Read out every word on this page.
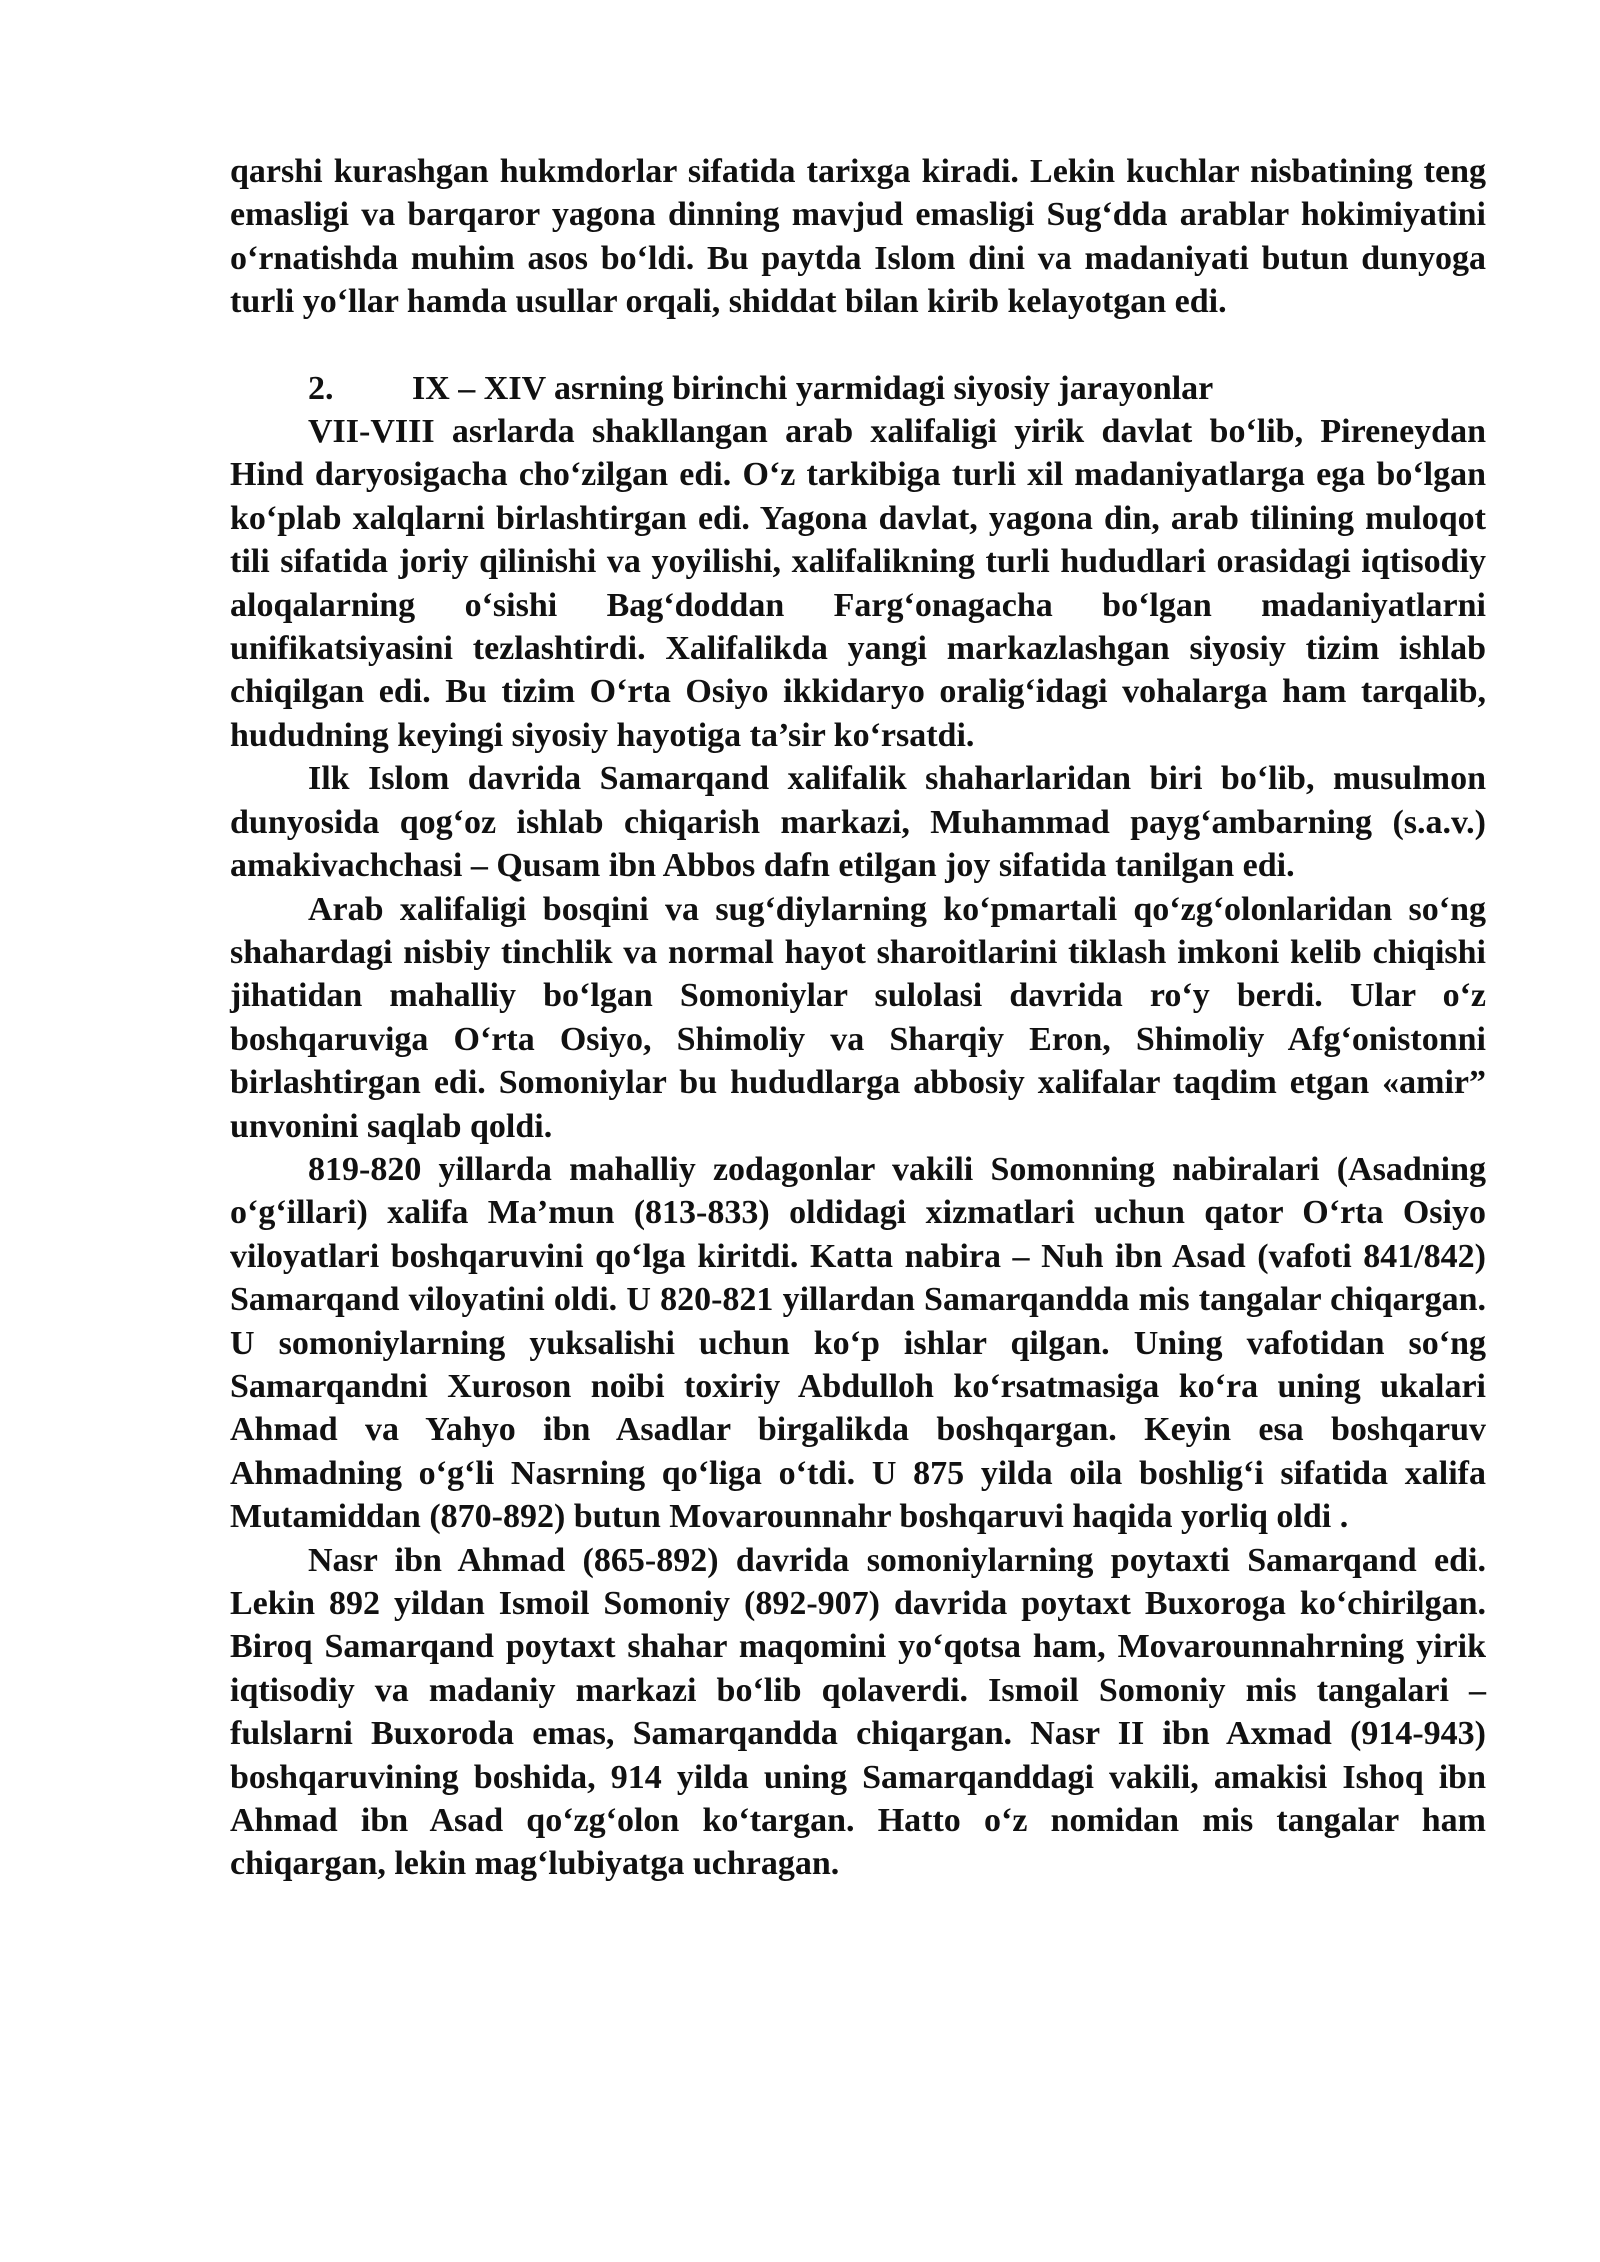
qarshi kurashgan hukmdorlar sifatida tarixga kiradi. Lekin kuchlar nisbatining teng emasligi va barqaror yagona dinning mavjud emasligi Sug‘dda arablar hokimiyatini o‘rnatishda muhim asos bo‘ldi. Bu paytda Islom dini va madaniyati butun dunyoga turli yo‘llar hamda usullar orqali, shiddat bilan kirib kelayotgan edi.

2. IX – XIV asrning birinchi yarmidagi siyosiy jarayonlar

VII-VIII asrlarda shakllangan arab xalifaligi yirik davlat bo‘lib, Pireneydan Hind daryosigacha cho‘zilgan edi. O‘z tarkibiga turli xil madaniyatlarga ega bo‘lgan ko‘plab xalqlarni birlashtirgan edi. Yagona davlat, yagona din, arab tilining muloqot tili sifatida joriy qilinishi va yoyilishi, xalifalikning turli hududlari orasidagi iqtisodiy aloqalarning o‘sishi Bag‘doddan Farg‘onagacha bo‘lgan madaniyatlarni unifikatsiyasini tezlashtirdi. Xalifalikda yangi markazlashgan siyosiy tizim ishlab chiqilgan edi. Bu tizim O‘rta Osiyo ikkidaryo oralig‘idagi vohalarga ham tarqalib, hududning keyingi siyosiy hayotiga ta’sir ko‘rsatdi.

Ilk Islom davrida Samarqand xalifalik shaharlaridan biri bo‘lib, musulmon dunyosida qog‘oz ishlab chiqarish markazi, Muhammad payg‘ambarning (s.a.v.) amakivachchasi – Qusam ibn Abbos dafn etilgan joy sifatida tanilgan edi.

Arab xalifaligi bosqini va sug‘diylarning ko‘pmartali qo‘zg‘olonlaridan so‘ng shahardagi nisbiy tinchlik va normal hayot sharoitlarini tiklash imkoni kelib chiqishi jihatidan mahalliy bo‘lgan Somoniylar sulolasi davrida ro‘y berdi. Ular o‘z boshqaruviga O‘rta Osiyo, Shimoliy va Sharqiy Eron, Shimoliy Afg‘onistonni birlashtirgan edi. Somoniylar bu hududlarga abbosiy xalifalar taqdim etgan «amir” unvonini saqlab qoldi.

819-820 yillarda mahalliy zodagonlar vakili Somonning nabiralari (Asadning o‘g‘illari) xalifa Ma’mun (813-833) oldidagi xizmatlari uchun qator O‘rta Osiyo viloyatlari boshqaruvini qo‘lga kiritdi. Katta nabira – Nuh ibn Asad (vafoti 841/842) Samarqand viloyatini oldi. U 820-821 yillardan Samarqandda mis tangalar chiqargan. U somoniylarning yuksalishi uchun ko‘p ishlar qilgan. Uning vafotidan so‘ng Samarqandni Xuroson noibi toxiriy Abdulloh ko‘rsatmasiga ko‘ra uning ukalari Ahmad va Yahyo ibn Asadlar birgalikda boshqargan. Keyin esa boshqaruv Ahmadning o‘g‘li Nasrning qo‘liga o‘tdi. U 875 yilda oila boshlig‘i sifatida xalifa Mutamiddan (870-892) butun Movarounnahr boshqaruvi haqida yorliq oldi .

Nasr ibn Ahmad (865-892) davrida somoniylarning poytaxti Samarqand edi. Lekin 892 yildan Ismoil Somoniy (892-907) davrida poytaxt Buxoroga ko‘chirilgan. Biroq Samarqand poytaxt shahar maqomini yo‘qotsa ham, Movarounnahrning yirik iqtisodiy va madaniy markazi bo‘lib qolaverdi. Ismoil Somoniy mis tangalari – fulslarni Buxoroda emas, Samarqandda chiqargan. Nasr II ibn Axmad (914-943) boshqaruvining boshida, 914 yilda uning Samarqanddagi vakili, amakisi Ishoq ibn Ahmad ibn Asad qo‘zg‘olon ko‘targan. Hatto o‘z nomidan mis tangalar ham chiqargan, lekin mag‘lubiyatga uchragan.
